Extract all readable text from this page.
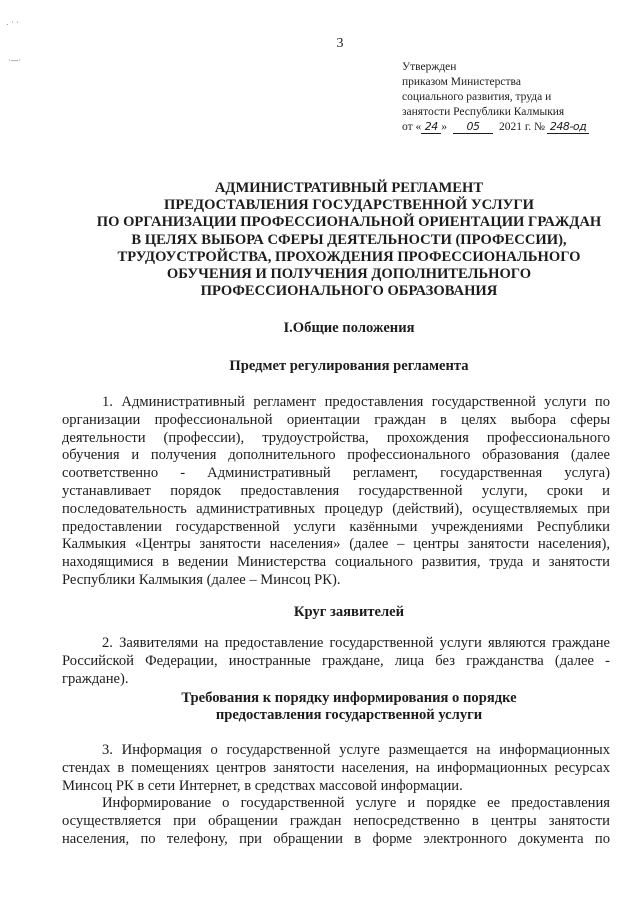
. · ·
·—·
3
Утвержден
приказом Министерства
социального развития, труда и
занятости Республики Калмыкия
от « 24 »	05	2021 г. № 248-од
АДМИНИСТРАТИВНЫЙ РЕГЛАМЕНТ
ПРЕДОСТАВЛЕНИЯ ГОСУДАРСТВЕННОЙ УСЛУГИ
ПО ОРГАНИЗАЦИИ ПРОФЕССИОНАЛЬНОЙ ОРИЕНТАЦИИ ГРАЖДАН
В ЦЕЛЯХ ВЫБОРА СФЕРЫ ДЕЯТЕЛЬНОСТИ (ПРОФЕССИИ),
ТРУДОУСТРОЙСТВА, ПРОХОЖДЕНИЯ ПРОФЕССИОНАЛЬНОГО
ОБУЧЕНИЯ И ПОЛУЧЕНИЯ ДОПОЛНИТЕЛЬНОГО
ПРОФЕССИОНАЛЬНОГО ОБРАЗОВАНИЯ
I.Общие положения
Предмет регулирования регламента
1. Административный регламент предоставления государственной услуги по
организации профессиональной ориентации граждан в целях выбора сферы
деятельности (профессии), трудоустройства, прохождения профессионального
обучения и получения дополнительного профессионального образования (далее
соответственно - Административный регламент, государственная услуга)
устанавливает порядок предоставления государственной услуги, сроки и
последовательность административных процедур (действий), осуществляемых при
предоставлении государственной услуги казёнными учреждениями Республики
Калмыкия «Центры занятости населения» (далее – центры занятости населения),
находящимися в ведении Министерства социального развития, труда и занятости
Республики Калмыкия (далее – Минсоц РК).
Круг заявителей
2. Заявителями на предоставление государственной услуги являются граждане
Российской Федерации, иностранные граждане, лица без гражданства (далее -
граждане).
Требования к порядку информирования о порядке
предоставления государственной услуги
3. Информация о государственной услуге размещается на информационных
стендах в помещениях центров занятости населения, на информационных ресурсах
Минсоц РК в сети Интернет, в средствах массовой информации.
Информирование о государственной услуге и порядке ее предоставления
осуществляется при обращении граждан непосредственно в центры занятости
населения, по телефону, при обращении в форме электронного документа по
